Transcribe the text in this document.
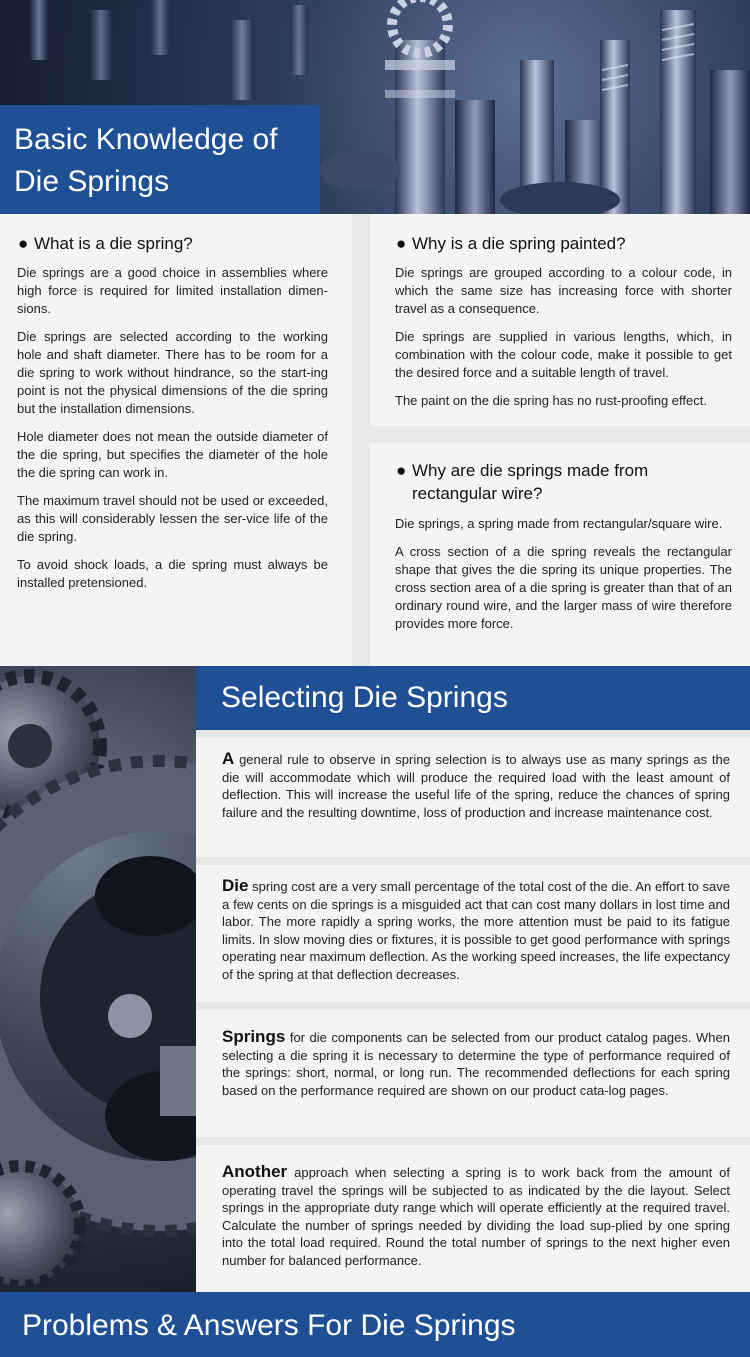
Basic Knowledge of
Die Springs
● What is a die spring?

Die springs are a good choice in assemblies where high force is required for limited installation dimen-sions.

Die springs are selected according to the working hole and shaft diameter. There has to be room for a die spring to work without hindrance, so the start-ing point is not the physical dimensions of the die spring but the installation dimensions.

Hole diameter does not mean the outside diameter of the die spring, but specifies the diameter of the hole the die spring can work in.

The maximum travel should not be used or exceeded, as this will considerably lessen the ser-vice life of the die spring.

To avoid shock loads, a die spring must always be installed pretensioned.

● Why is a die spring painted?

Die springs are grouped according to a colour code, in which the same size has increasing force with shorter travel as a consequence.

Die springs are supplied in various lengths, which, in combination with the colour code, make it possible to get the desired force and a suitable length of travel.

The paint on the die spring has no rust-proofing effect.

● Why are die springs made from rectangular wire?

Die springs, a spring made from rectangular/square wire.

A cross section of a die spring reveals the rectangular shape that gives the die spring its unique properties. The cross section area of a die spring is greater than that of an ordinary round wire, and the larger mass of wire therefore provides more force.

Selecting Die Springs

A general rule to observe in spring selection is to always use as many springs as the die will accommodate which will produce the required load with the least amount of deflection. This will increase the useful life of the spring, reduce the chances of spring failure and the resulting downtime, loss of production and increase maintenance cost.

Die spring cost are a very small percentage of the total cost of the die. An effort to save a few cents on die springs is a misguided act that can cost many dollars in lost time and labor. The more rapidly a spring works, the more attention must be paid to its fatigue limits. In slow moving dies or fixtures, it is possible to get good performance with springs operating near maximum deflection. As the working speed increases, the life expectancy of the spring at that deflection decreases.

Springs for die components can be selected from our product catalog pages. When selecting a die spring it is necessary to determine the type of performance required of the springs: short, normal, or long run. The recommended deflections for each spring based on the performance required are shown on our product cata-log pages.

Another approach when selecting a spring is to work back from the amount of operating travel the springs will be subjected to as indicated by the die layout. Select springs in the appropriate duty range which will operate efficiently at the required travel. Calculate the number of springs needed by dividing the load sup-plied by one spring into the total load required. Round the total number of springs to the next higher even number for balanced performance.

Problems & Answers For Die Springs
